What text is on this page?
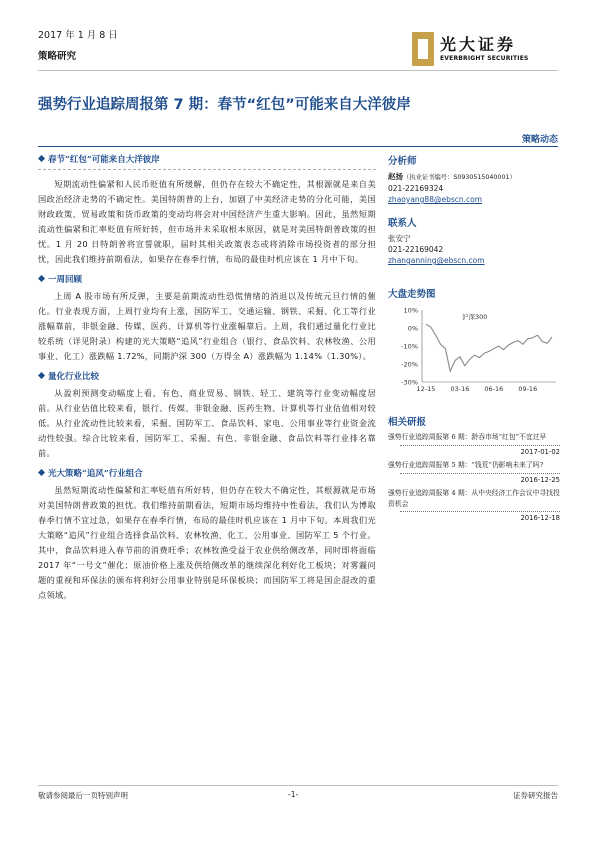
2017 年 1 月 8 日
策略研究
光大证券
EVERBRIGHT SECURITIES
强势行业追踪周报第 7 期：春节“红包”可能来自大洋彼岸
策略动态
春节“红包”可能来自大洋彼岸

短期流动性偏紧和人民币贬值有所缓解，但仍存在较大不确定性，其根源就是来自美国政治经济走势的不确定性。美国特朗普的上台，加剧了中美经济走势的分化可能，美国财政政策、贸易政策和货币政策的变动均将会对中国经济产生重大影响。因此，虽然短期流动性偏紧和汇率贬值有所好转，但市场并未采取根本原因，就是对美国特朗普政策的担忧。1 月 20 日特朗普将宣誓就职，届时其相关政策表态或将消除市场投资者的部分担忧，因此我们维持前期看法，如果存在春季行情，布局的最佳时机应该在 1 月中下旬。

一周回顾

上周 A 股市场有所反弹，主要是前期流动性恐慌情绪的消退以及传统元旦行情的催化。行业表现方面，上周行业均有上涨，国防军工、交通运输、钢铁、采掘、化工等行业涨幅靠前，非银金融、传媒、医药、计算机等行业涨幅靠后。上周，我们通过量化行业比较系统（详见附录）构建的光大策略“追风”行业组合（银行、食品饮料、农林牧渔、公用事业、化工）涨跌幅 1.72%，同期沪深 300（万得全 A）涨跌幅为 1.14%（1.30%）。

量化行业比较

从盈利预测变动幅度上看，有色、商业贸易、钢铁、轻工、建筑等行业变动幅度居前。从行业估值比较来看，银行、传媒、非银金融、医药生物、计算机等行业估值相对较低。从行业流动性比较来看，采掘、国防军工、食品饮料、家电、公用事业等行业资金流动性较强。综合比较来看，国防军工、采掘、有色、非银金融、食品饮料等行业排名靠前。

光大策略“追风”行业组合

虽然短期流动性偏紧和汇率贬值有所好转，但仍存在较大不确定性，其根源就是市场对美国特朗普政策的担忧。我们维持前期看法，短期市场均维持中性看法，我们认为博取春季行情不宜过急，如果存在春季行情，布局的最佳时机应该在 1 月中下旬。本周我们光大策略“追风”行业组合选择食品饮料、农林牧渔、化工、公用事业、国防军工 5 个行业。其中，食品饮料进入春节前的消费旺季；农林牧渔受益于农业供给侧改革，同时即将面临 2017 年“一号文”催化；原油价格上涨及供给侧改革的继续深化利好化工板块；对雾霾问题的重视和环保法的颁布将利好公用事业特别是环保板块；而国防军工将是国企混改的重点领域。

分析师
赵扬（执业证书编号：S0930515040001）
021-22169324
zhaoyang88@ebscn.com
联系人
张安宁
021-22169042
zhanganning@ebscn.com
大盘走势图
10%
0%
-10%
-20%
-30%
12-15 03-16 06-16 09-16
沪深300
相关研报
强势行业追踪周报第 6 期：龄吞市场“红包”不宜过早
2017-01-02
强势行业追踪周报第 5 期：“钱荒”仍影响未来了吗?
2016-12-25
强势行业追踪周报第 4 期：从中央经济工作会议中寻找投资机会
2016-12-18
敬请参阅最后一页特别声明	-1-	证券研究报告
